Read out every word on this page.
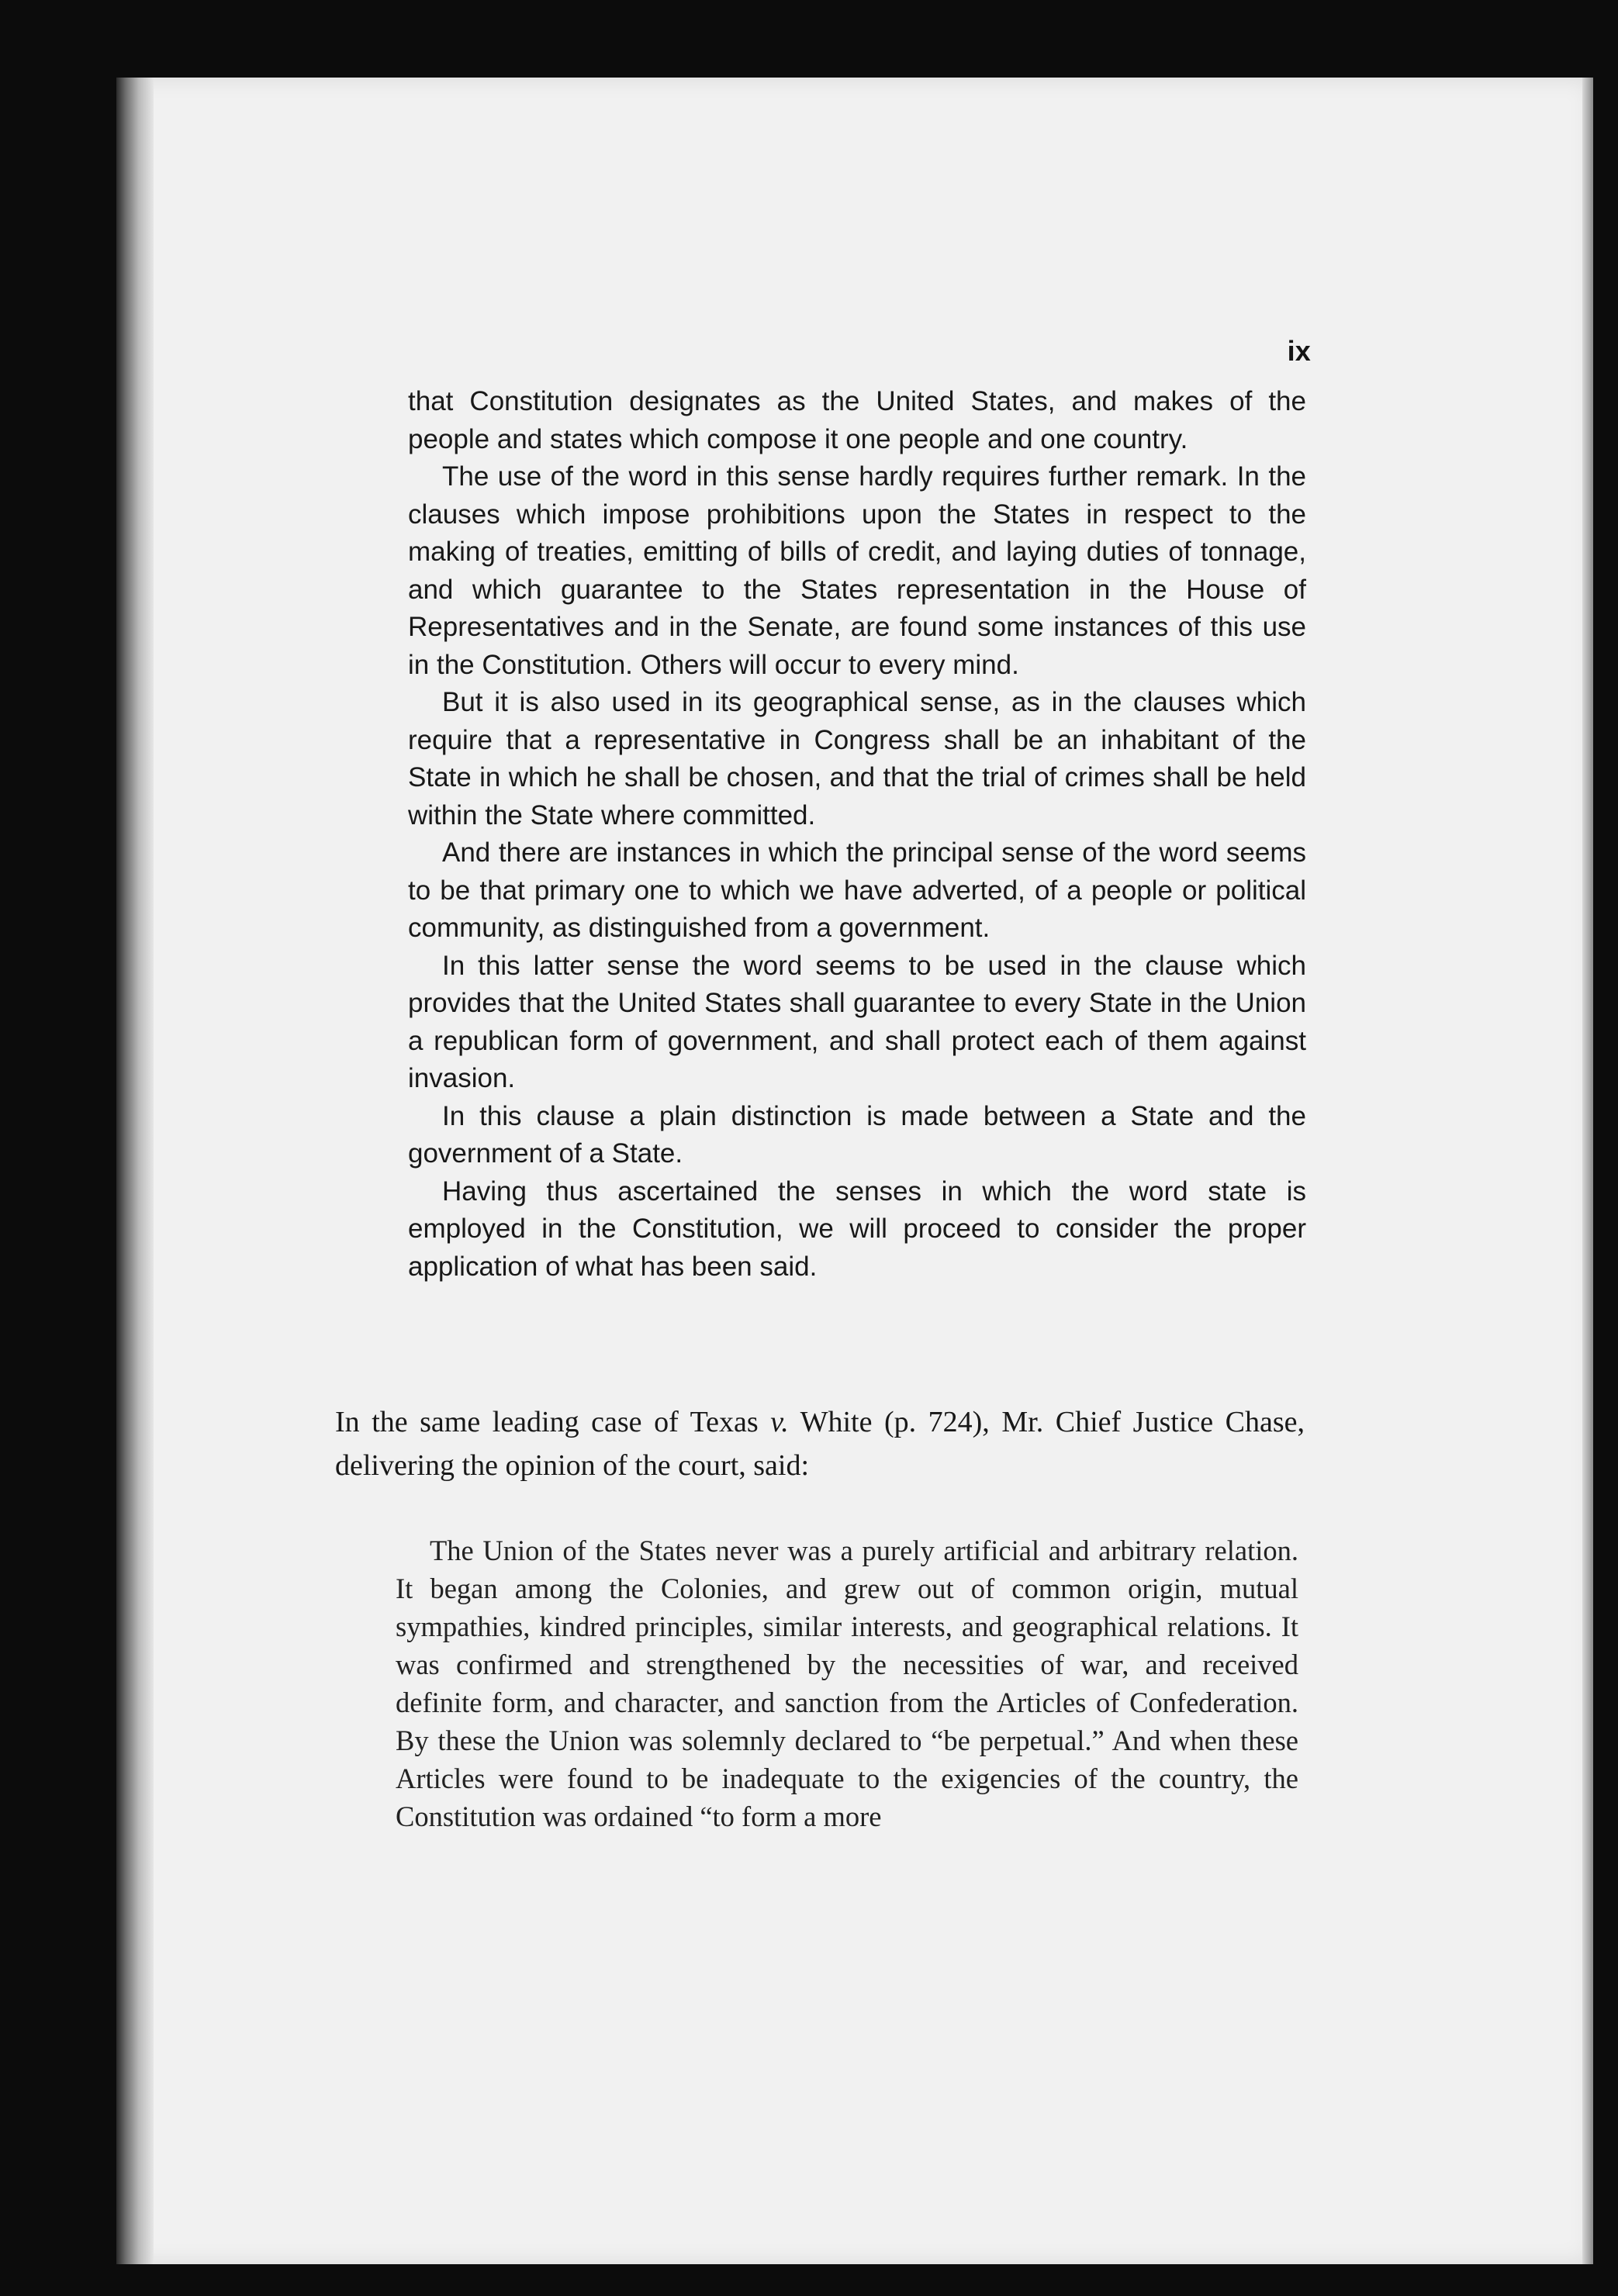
ix

that Constitution designates as the United States, and makes of the people and states which compose it one people and one country.

The use of the word in this sense hardly requires further remark. In the clauses which impose prohibitions upon the States in respect to the making of treaties, emitting of bills of credit, and laying duties of tonnage, and which guarantee to the States representation in the House of Representatives and in the Senate, are found some instances of this use in the Constitution. Others will occur to every mind.

But it is also used in its geographical sense, as in the clauses which require that a representative in Congress shall be an inhabitant of the State in which he shall be chosen, and that the trial of crimes shall be held within the State where committed.

And there are instances in which the principal sense of the word seems to be that primary one to which we have adverted, of a people or political community, as distinguished from a government.

In this latter sense the word seems to be used in the clause which provides that the United States shall guarantee to every State in the Union a republican form of government, and shall protect each of them against invasion.

In this clause a plain distinction is made between a State and the government of a State.

Having thus ascertained the senses in which the word state is employed in the Constitution, we will proceed to consider the proper application of what has been said.

In the same leading case of Texas v. White (p. 724), Mr. Chief Justice Chase, delivering the opinion of the court, said:

The Union of the States never was a purely artificial and arbitrary relation. It began among the Colonies, and grew out of common origin, mutual sympathies, kindred principles, similar interests, and geographical relations. It was confirmed and strengthened by the necessities of war, and received definite form, and character, and sanction from the Articles of Confederation. By these the Union was solemnly declared to “be perpetual.” And when these Articles were found to be inadequate to the exigencies of the country, the Constitution was ordained “to form a more
